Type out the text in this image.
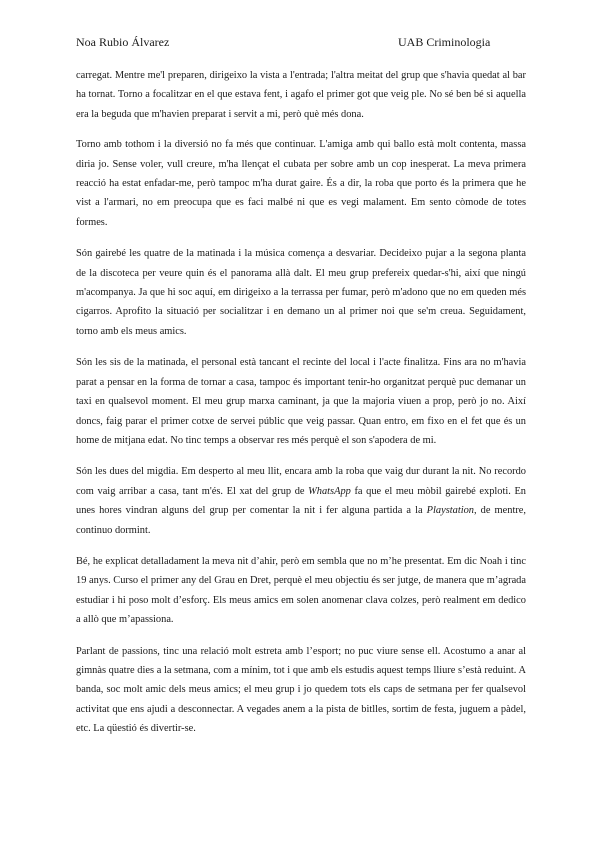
Noa Rubio Álvarez	UAB Criminologia

carregat. Mentre me'l preparen, dirigeixo la vista a l'entrada; l'altra meitat del grup que s'havia quedat al bar ha tornat. Torno a focalitzar en el que estava fent, i agafo el primer got que veig ple. No sé ben bé si aquella era la beguda que m'havien preparat i servit a mi, però què més dona.

Torno amb tothom i la diversió no fa més que continuar. L'amiga amb qui ballo està molt contenta, massa diria jo. Sense voler, vull creure, m'ha llençat el cubata per sobre amb un cop inesperat. La meva primera reacció ha estat enfadar-me, però tampoc m'ha durat gaire. És a dir, la roba que porto és la primera que he vist a l'armari, no em preocupa que es faci malbé ni que es vegi malament. Em sento còmode de totes formes.

Són gairebé les quatre de la matinada i la música comença a desvariar. Decideixo pujar a la segona planta de la discoteca per veure quin és el panorama allà dalt. El meu grup prefereix quedar-s'hi, així que ningú m'acompanya. Ja que hi soc aquí, em dirigeixo a la terrassa per fumar, però m'adono que no em queden més cigarros. Aprofito la situació per socialitzar i en demano un al primer noi que se'm creua. Seguidament, torno amb els meus amics.

Són les sis de la matinada, el personal està tancant el recinte del local i l'acte finalitza. Fins ara no m'havia parat a pensar en la forma de tornar a casa, tampoc és important tenir-ho organitzat perquè puc demanar un taxi en qualsevol moment. El meu grup marxa caminant, ja que la majoria viuen a prop, però jo no. Així doncs, faig parar el primer cotxe de servei públic que veig passar. Quan entro, em fixo en el fet que és un home de mitjana edat. No tinc temps a observar res més perquè el son s'apodera de mi.

Són les dues del migdia. Em desperto al meu llit, encara amb la roba que vaig dur durant la nit. No recordo com vaig arribar a casa, tant m'és. El xat del grup de WhatsApp fa que el meu mòbil gairebé exploti. En unes hores vindran alguns del grup per comentar la nit i fer alguna partida a la Playstation, de mentre, continuo dormint.

Bé, he explicat detalladament la meva nit d’ahir, però em sembla que no m’he presentat. Em dic Noah i tinc 19 anys. Curso el primer any del Grau en Dret, perquè el meu objectiu és ser jutge, de manera que m’agrada estudiar i hi poso molt d’esforç. Els meus amics em solen anomenar clava colzes, però realment em dedico a allò que m’apassiona.

Parlant de passions, tinc una relació molt estreta amb l’esport; no puc viure sense ell. Acostumo a anar al gimnàs quatre dies a la setmana, com a mínim, tot i que amb els estudis aquest temps lliure s’està reduint. A banda, soc molt amic dels meus amics; el meu grup i jo quedem tots els caps de setmana per fer qualsevol activitat que ens ajudi a desconnectar. A vegades anem a la pista de bitlles, sortim de festa, juguem a pàdel, etc. La qüestió és divertir-se.
